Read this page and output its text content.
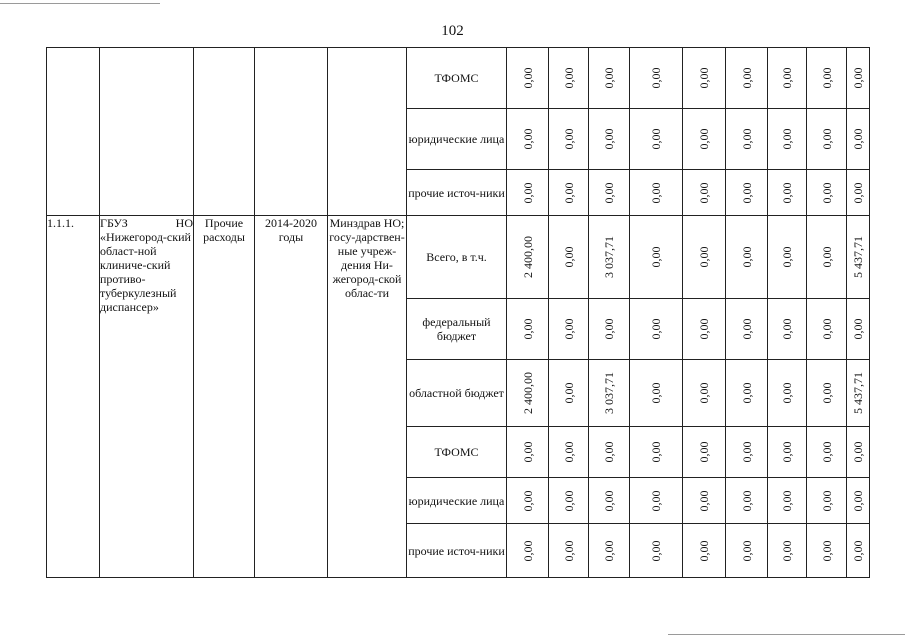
102
					ТФОМС	0,00	0,00	0,00	0,00	0,00	0,00	0,00	0,00	0,00

					юридические лица	0,00	0,00	0,00	0,00	0,00	0,00	0,00	0,00	0,00

					прочие источ-ники	0,00	0,00	0,00	0,00	0,00	0,00	0,00	0,00	0,00

1.1.1.	ГБУЗ НО «Нижегород-ский област-ной клиниче-ский противо-туберкулезный диспансер»	Прочие расходы	2014-2020 годы	Минздрав НО; госу-дарствен-ные учреж-дения Ни-жегород-ской облас-ти	Всего, в т.ч.	2 400,00	0,00	3 037,71	0,00	0,00	0,00	0,00	0,00	5 437,71

					федеральный бюджет	0,00	0,00	0,00	0,00	0,00	0,00	0,00	0,00	0,00

					областной бюджет	2 400,00	0,00	3 037,71	0,00	0,00	0,00	0,00	0,00	5 437,71

					ТФОМС	0,00	0,00	0,00	0,00	0,00	0,00	0,00	0,00	0,00

					юридические лица	0,00	0,00	0,00	0,00	0,00	0,00	0,00	0,00	0,00

					прочие источ-ники	0,00	0,00	0,00	0,00	0,00	0,00	0,00	0,00	0,00
